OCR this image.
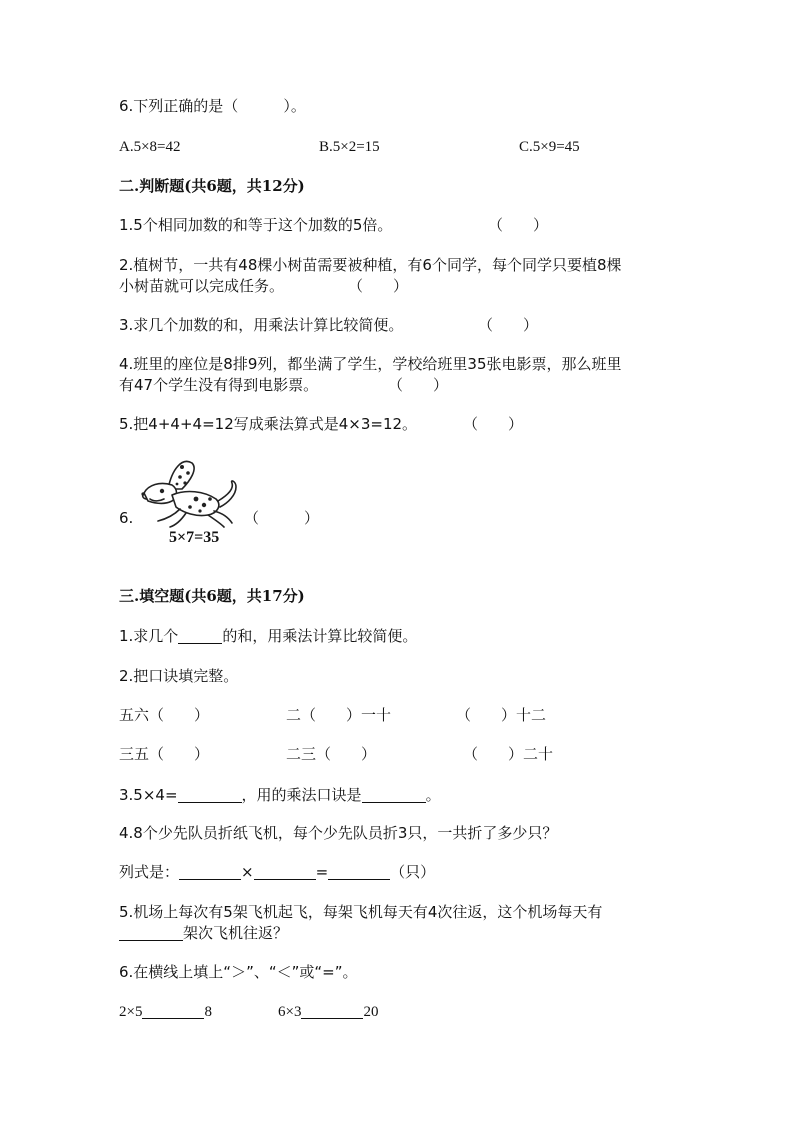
6.下列正确的是（　　　）。
A.5×8=42	B.5×2=15	C.5×9=45
二.判断题(共6题，共12分)
1.5个相同加数的和等于这个加数的5倍。	（　　）
2.植树节，一共有48棵小树苗需要被种植，有6个同学，每个同学只要植8棵
小树苗就可以完成任务。	（　　）
3.求几个加数的和，用乘法计算比较简便。	（　　）
4.班里的座位是8排9列，都坐满了学生，学校给班里35张电影票，那么班里
有47个学生没有得到电影票。	（　　）
5.把4+4+4=12写成乘法算式是4×3=12。	（　　）
6.
5×7=35
（　　　）
三.填空题(共6题，共17分)
1.求几个	的和，用乘法计算比较简便。
2.把口诀填完整。
五六（　　）	二（　　）一十	（　　）十二
三五（　　）	二三（　　）	（　　）二十
3.5×4=	，用的乘法口诀是	。
4.8个少先队员折纸飞机，每个少先队员折3只，一共折了多少只？
列式是：	×	=	（只）
5.机场上每次有5架飞机起飞，每架飞机每天有4次往返，这个机场每天有
架次飞机往返？
6.在横线上填上“＞”、“＜”或“=”。
2×5	8	6×3	20
